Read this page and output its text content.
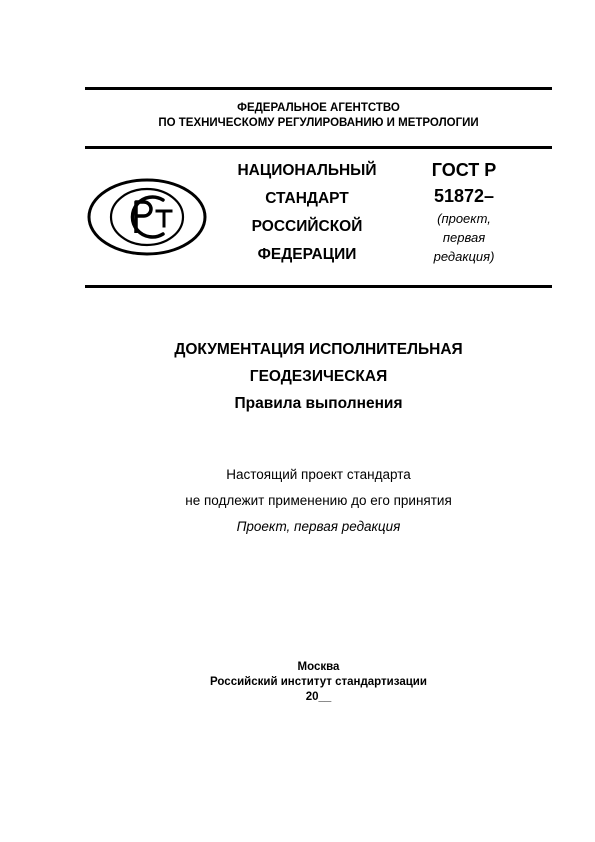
ФЕДЕРАЛЬНОЕ АГЕНТСТВО
ПО ТЕХНИЧЕСКОМУ РЕГУЛИРОВАНИЮ И МЕТРОЛОГИИ
НАЦИОНАЛЬНЫЙ
СТАНДАРТ
РОССИЙСКОЙ
ФЕДЕРАЦИИ
ГОСТ Р
51872–
(проект,
первая
редакция)
ДОКУМЕНТАЦИЯ ИСПОЛНИТЕЛЬНАЯ
ГЕОДЕЗИЧЕСКАЯ
Правила выполнения
Настоящий проект стандарта
не подлежит применению до его принятия
Проект, первая редакция
Москва
Российский институт стандартизации
20__
